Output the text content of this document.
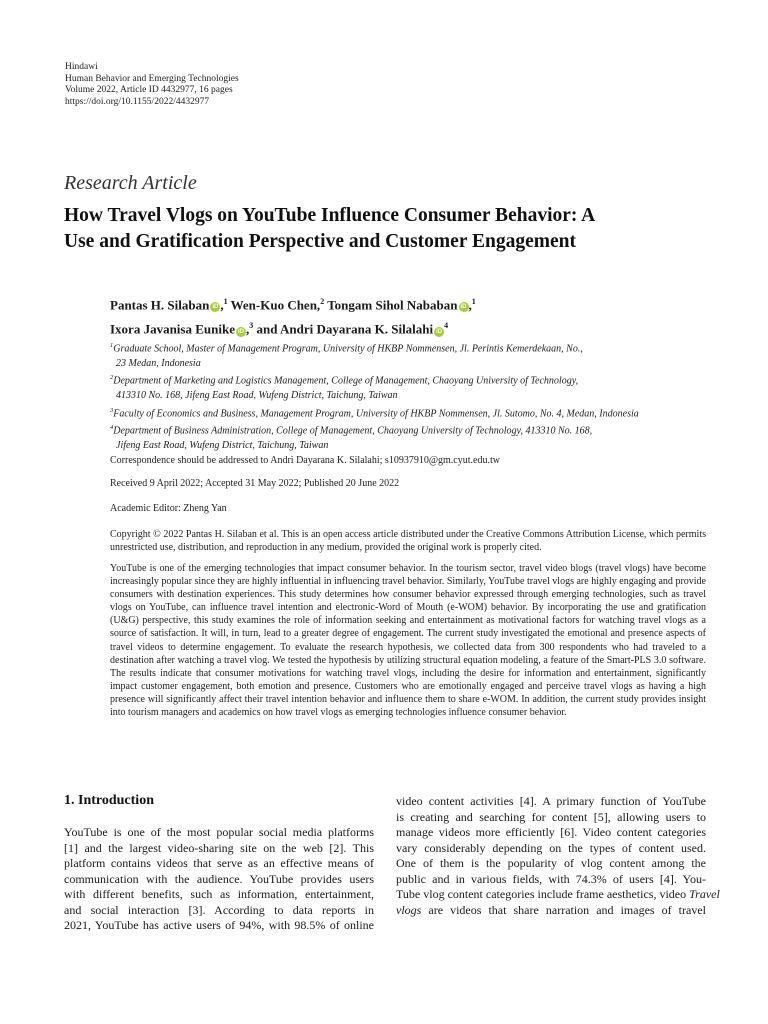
Hindawi
Human Behavior and Emerging Technologies
Volume 2022, Article ID 4432977, 16 pages
https://doi.org/10.1155/2022/4432977
Research Article
How Travel Vlogs on YouTube Influence Consumer Behavior: A
Use and Gratification Perspective and Customer Engagement
Pantas H. Silaban iD ,$^1$ Wen-Kuo Chen,$^2$ Tongam Sihol Nababan iD ,$^1$
Ixora Javanisa Eunike iD ,$^3$ and Andri Dayarana K. Silalahi $iD^4$
$^1$Graduate School, Master of Management Program, University of HKBP Nommensen, Jl. Perintis Kemerdekaan, No.,
23 Medan, Indonesia
$^2$Department of Marketing and Logistics Management, College of Management, Chaoyang University of Technology,
413310 No. 168, Jifeng East Road, Wufeng District, Taichung, Taiwan
$^3$Faculty of Economics and Business, Management Program, University of HKBP Nommensen, Jl. Sutomo, No. 4, Medan, Indonesia
$^4$Department of Business Administration, College of Management, Chaoyang University of Technology, 413310 No. 168,
Jifeng East Road, Wufeng District, Taichung, Taiwan
Correspondence should be addressed to Andri Dayarana K. Silalahi; s10937910@gm.cyut.edu.tw
Received 9 April 2022; Accepted 31 May 2022; Published 20 June 2022
Academic Editor: Zheng Yan
Copyright © 2022 Pantas H. Silaban et al. This is an open access article distributed under the Creative Commons Attribution License, which permits unrestricted use, distribution, and reproduction in any medium, provided the original work is properly cited.
YouTube is one of the emerging technologies that impact consumer behavior. In the tourism sector, travel video blogs (travel vlogs) have become increasingly popular since they are highly influential in influencing travel behavior. Similarly, YouTube travel vlogs are highly engaging and provide consumers with destination experiences. This study determines how consumer behavior expressed through emerging technologies, such as travel vlogs on YouTube, can influence travel intention and electronic-Word of Mouth (e-WOM) behavior. By incorporating the use and gratification (U&G) perspective, this study examines the role of information seeking and entertainment as motivational factors for watching travel vlogs as a source of satisfaction. It will, in turn, lead to a greater degree of engagement. The current study investigated the emotional and presence aspects of travel videos to determine engagement. To evaluate the research hypothesis, we collected data from 300 respondents who had traveled to a destination after watching a travel vlog. We tested the hypothesis by utilizing structural equation modeling, a feature of the Smart-PLS 3.0 software. The results indicate that consumer motivations for watching travel vlogs, including the desire for information and entertainment, significantly impact customer engagement, both emotion and presence. Customers who are emotionally engaged and perceive travel vlogs as having a high presence will significantly affect their travel intention behavior and influence them to share e-WOM. In addition, the current study provides insight into tourism managers and academics on how travel vlogs as emerging technologies influence consumer behavior.
1. Introduction
YouTube is one of the most popular social media platforms
[1] and the largest video-sharing site on the web [2]. This
platform contains videos that serve as an effective means of
communication with the audience. YouTube provides users
with different benefits, such as information, entertainment,
and social interaction [3]. According to data reports in
2021, YouTube has active users of 94%, with 98.5% of online
video content activities [4]. A primary function of YouTube
is creating and searching for content [5], allowing users to
manage videos more efficiently [6]. Video content categories
vary considerably depending on the types of content used.
One of them is the popularity of vlog content among the
public and in various fields, with 74.3% of users [4]. You-
Tube vlog content categories include frame aesthetics, video Travel
vlogs are videos that share narration and images of travel
